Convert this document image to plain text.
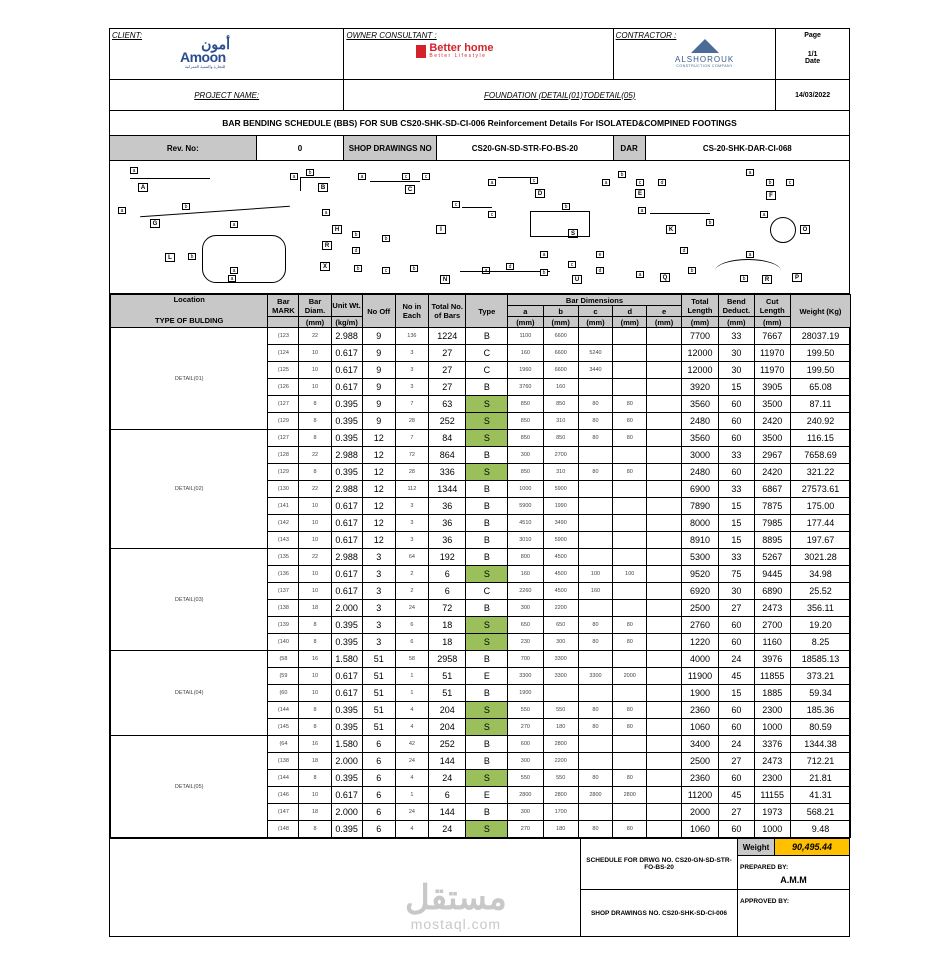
CLIENT:
أمون
Amoon
للتجارة والتنمية العمرانية
OWNER CONSULTANT :
Better home
Better Lifestyle
CONTRACTOR :
ALSHOROUK
CONSTRUCTION COMPANY
Page
1/1
Date
PROJECT NAME:	FOUNDATION (DETAIL(01)TODETAIL(05)	14/03/2022
BAR BENDING SCHEDULE (BBS) FOR SUB CS20-SHK-SD-CI-006 Reinforcement Details For ISOLATED&COMPINED FOOTINGS
Rev. No:	0	SHOP DRAWINGS NO	CS20-GN-SD-STR-FO-BS-20	DAR	CS-20-SHK-DAR-CI-068
a
A
a
b
B
a	c	c
C
a	c
D
a
b
c	d
E
a
b	c
F
a
b
G
a
H
b
b
I
c
c
S
b
a
K
b
a
O
L	b
a
a
a
X
R
b
d
c	b
N
d
U
a
b
c
e
d
a	Q
d
b
a
b	R	P
Location
TYPE OF BULDING	Bar MARK	Bar Diam.	Unit Wt.	No Off	No in Each	Total No. of Bars	Type	Bar Dimensions					Total Length	Bend Deduct.	Cut Length	Weight (Kg)
								a	b	c	d	e				
		(mm)	(kg/m)					(mm)	(mm)	(mm)	(mm)	(mm)	(mm)	(mm)	(mm)	
DETAIL(01)	(123	22	2.988	9	136	1224	B	1100	6600				7700	33	7667	28037.19
	(124	10	0.617	9	3	27	C	160	6600	5240			12000	30	11970	199.50
	(125	10	0.617	9	3	27	C	1960	6600	3440			12000	30	11970	199.50
	(126	10	0.617	9	3	27	B	3760	160				3920	15	3905	65.08
	(127	8	0.395	9	7	63	S	850	850	80	80		3560	60	3500	87.11
	(129	8	0.395	9	28	252	S	850	310	80	80		2480	60	2420	240.92
DETAIL(02)	(127	8	0.395	12	7	84	S	850	850	80	80		3560	60	3500	116.15
	(128	22	2.988	12	72	864	B	300	2700				3000	33	2967	7658.69
	(129	8	0.395	12	28	336	S	850	310	80	80		2480	60	2420	321.22
	(130	22	2.988	12	112	1344	B	1000	5900				6900	33	6867	27573.61
	(141	10	0.617	12	3	36	B	5900	1990				7890	15	7875	175.00
	(142	10	0.617	12	3	36	B	4510	3490				8000	15	7985	177.44
	(143	10	0.617	12	3	36	B	3010	5900				8910	15	8895	197.67
DETAIL(03)	(135	22	2.988	3	64	192	B	800	4500				5300	33	5267	3021.28
	(136	10	0.617	3	2	6	S	160	4500	100	100		9520	75	9445	34.98
	(137	10	0.617	3	2	6	C	2260	4500	160			6920	30	6890	25.52
	(138	18	2.000	3	24	72	B	300	2200				2500	27	2473	356.11
	(139	8	0.395	3	6	18	S	650	650	80	80		2760	60	2700	19.20
	(140	8	0.395	3	6	18	S	230	300	80	80		1220	60	1160	8.25
DETAIL(04)	(58	16	1.580	51	58	2958	B	700	3300				4000	24	3976	18585.13
	(59	10	0.617	51	1	51	E	3300	3300	3300	2000		11900	45	11855	373.21
	(60	10	0.617	51	1	51	B	1900					1900	15	1885	59.34
	(144	8	0.395	51	4	204	S	550	550	80	80		2360	60	2300	185.36
	(145	8	0.395	51	4	204	S	270	180	80	80		1060	60	1000	80.59
DETAIL(05)	(64	16	1.580	6	42	252	B	600	2800				3400	24	3376	1344.38
	(138	18	2.000	6	24	144	B	300	2200				2500	27	2473	712.21
	(144	8	0.395	6	4	24	S	550	550	80	80		2360	60	2300	21.81
	(146	10	0.617	6	1	6	E	2800	2800	2800	2800		11200	45	11155	41.31
	(147	18	2.000	6	24	144	B	300	1700				2000	27	1973	568.21
	(148	8	0.395	6	4	24	S	270	180	80	80		1060	60	1000	9.48
SCHEDULE FOR DRWG NO. CS20-GN-SD-STR-FO-BS-20
SHOP DRAWINGS NO. CS20-SHK-SD-CI-006
Weight	90,495.44
PREPARED BY:
A.M.M
APPROVED BY:
مستقل
mostaql.com
